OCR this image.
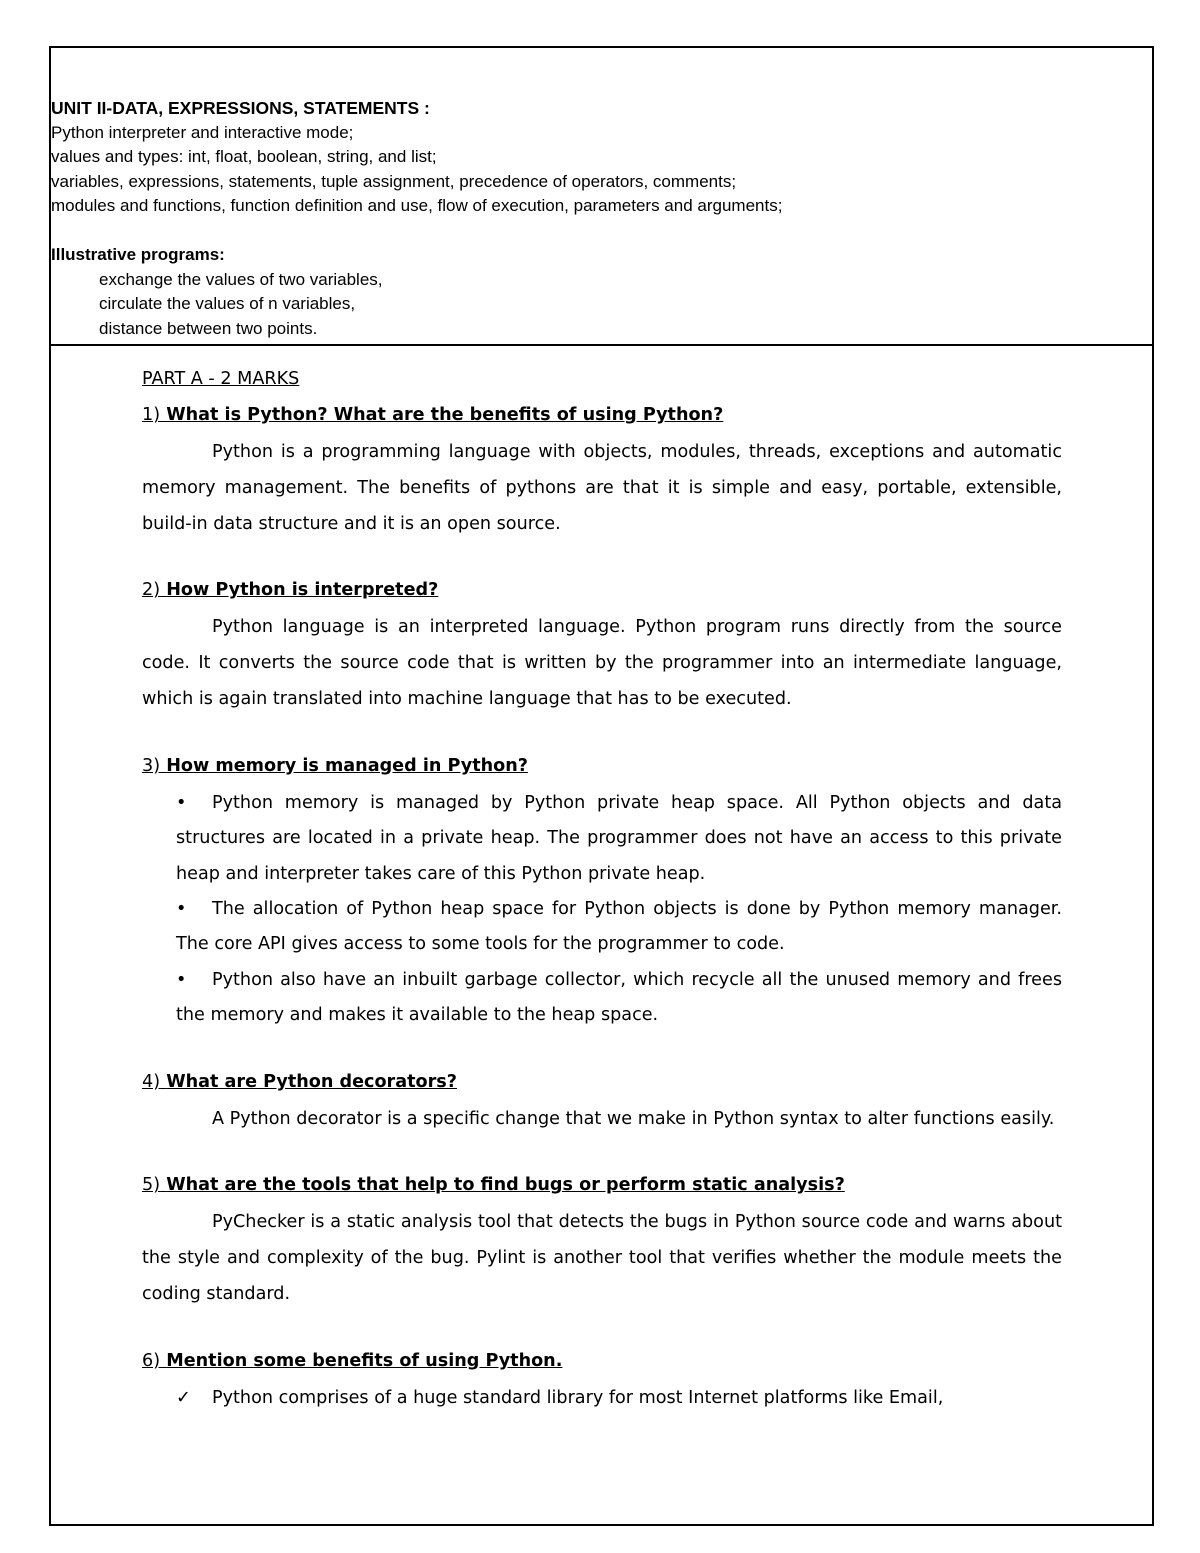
UNIT II-DATA, EXPRESSIONS, STATEMENTS :
Python interpreter and interactive mode;
values and types: int, float, boolean, string, and list;
variables, expressions, statements, tuple assignment, precedence of operators, comments;
modules and functions, function definition and use, flow of execution, parameters and arguments;
Illustrative programs:
exchange the values of two variables,
circulate the values of n variables,
distance between two points.
PART A - 2 MARKS
1) What is Python? What are the benefits of using Python?

Python is a programming language with objects, modules, threads, exceptions and automatic memory management. The benefits of pythons are that it is simple and easy, portable, extensible, build-in data structure and it is an open source.

2) How Python is interpreted?

Python language is an interpreted language. Python program runs directly from the source code. It converts the source code that is written by the programmer into an intermediate language, which is again translated into machine language that has to be executed.

3) How memory is managed in Python?
•	Python memory is managed by Python private heap space. All Python objects and data structures are located in a private heap. The programmer does not have an access to this private heap and interpreter takes care of this Python private heap.
•	The allocation of Python heap space for Python objects is done by Python memory manager. The core API gives access to some tools for the programmer to code.
•	Python also have an inbuilt garbage collector, which recycle all the unused memory and frees the memory and makes it available to the heap space.
4) What are Python decorators?

A Python decorator is a specific change that we make in Python syntax to alter functions easily.

5) What are the tools that help to find bugs or perform static analysis?

PyChecker is a static analysis tool that detects the bugs in Python source code and warns about the style and complexity of the bug. Pylint is another tool that verifies whether the module meets the coding standard.

6) Mention some benefits of using Python.
✓	Python comprises of a huge standard library for most Internet platforms like Email,
